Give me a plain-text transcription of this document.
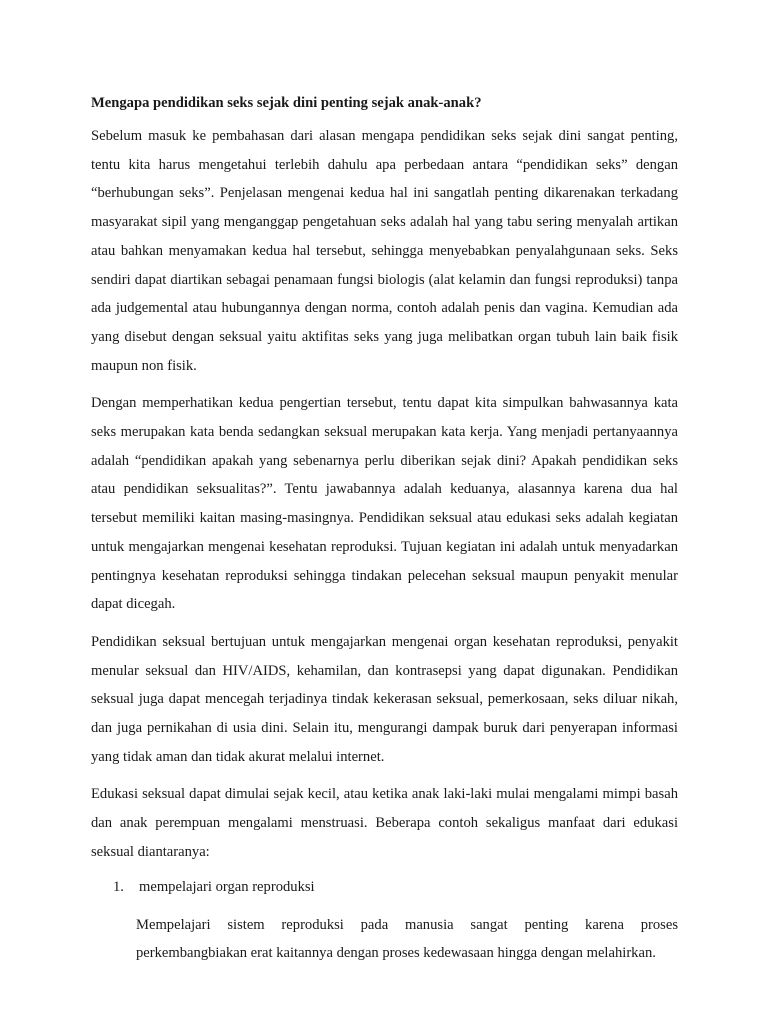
Mengapa pendidikan seks sejak dini penting sejak anak-anak?

Sebelum masuk ke pembahasan dari alasan mengapa pendidikan seks sejak dini sangat penting, tentu kita harus mengetahui terlebih dahulu apa perbedaan antara “pendidikan seks” dengan “berhubungan seks”. Penjelasan mengenai kedua hal ini sangatlah penting dikarenakan terkadang masyarakat sipil yang menganggap pengetahuan seks adalah hal yang tabu sering menyalah artikan atau bahkan menyamakan kedua hal tersebut, sehingga menyebabkan penyalahgunaan seks. Seks sendiri dapat diartikan sebagai penamaan fungsi biologis (alat kelamin dan fungsi reproduksi) tanpa ada judgemental atau hubungannya dengan norma, contoh adalah penis dan vagina. Kemudian ada yang disebut dengan seksual yaitu aktifitas seks yang juga melibatkan organ tubuh lain baik fisik maupun non fisik.

Dengan memperhatikan kedua pengertian tersebut, tentu dapat kita simpulkan bahwasannya kata seks merupakan kata benda sedangkan seksual merupakan kata kerja. Yang menjadi pertanyaannya adalah “pendidikan apakah yang sebenarnya perlu diberikan sejak dini? Apakah pendidikan seks atau pendidikan seksualitas?”. Tentu jawabannya adalah keduanya, alasannya karena dua hal tersebut memiliki kaitan masing-masingnya. Pendidikan seksual atau edukasi seks adalah kegiatan untuk mengajarkan mengenai kesehatan reproduksi. Tujuan kegiatan ini adalah untuk menyadarkan pentingnya kesehatan reproduksi sehingga tindakan pelecehan seksual maupun penyakit menular dapat dicegah.

Pendidikan seksual bertujuan untuk mengajarkan mengenai organ kesehatan reproduksi, penyakit menular seksual dan HIV/AIDS, kehamilan, dan kontrasepsi yang dapat digunakan. Pendidikan seksual juga dapat mencegah terjadinya tindak kekerasan seksual, pemerkosaan, seks diluar nikah, dan juga pernikahan di usia dini. Selain itu, mengurangi dampak buruk dari penyerapan informasi yang tidak aman dan tidak akurat melalui internet.

Edukasi seksual dapat dimulai sejak kecil, atau ketika anak laki-laki mulai mengalami mimpi basah dan anak perempuan mengalami menstruasi. Beberapa contoh sekaligus manfaat dari edukasi seksual diantaranya:

1.	mempelajari organ reproduksi

Mempelajari sistem reproduksi pada manusia sangat penting karena proses perkembangbiakan erat kaitannya dengan proses kedewasaan hingga dengan melahirkan.
